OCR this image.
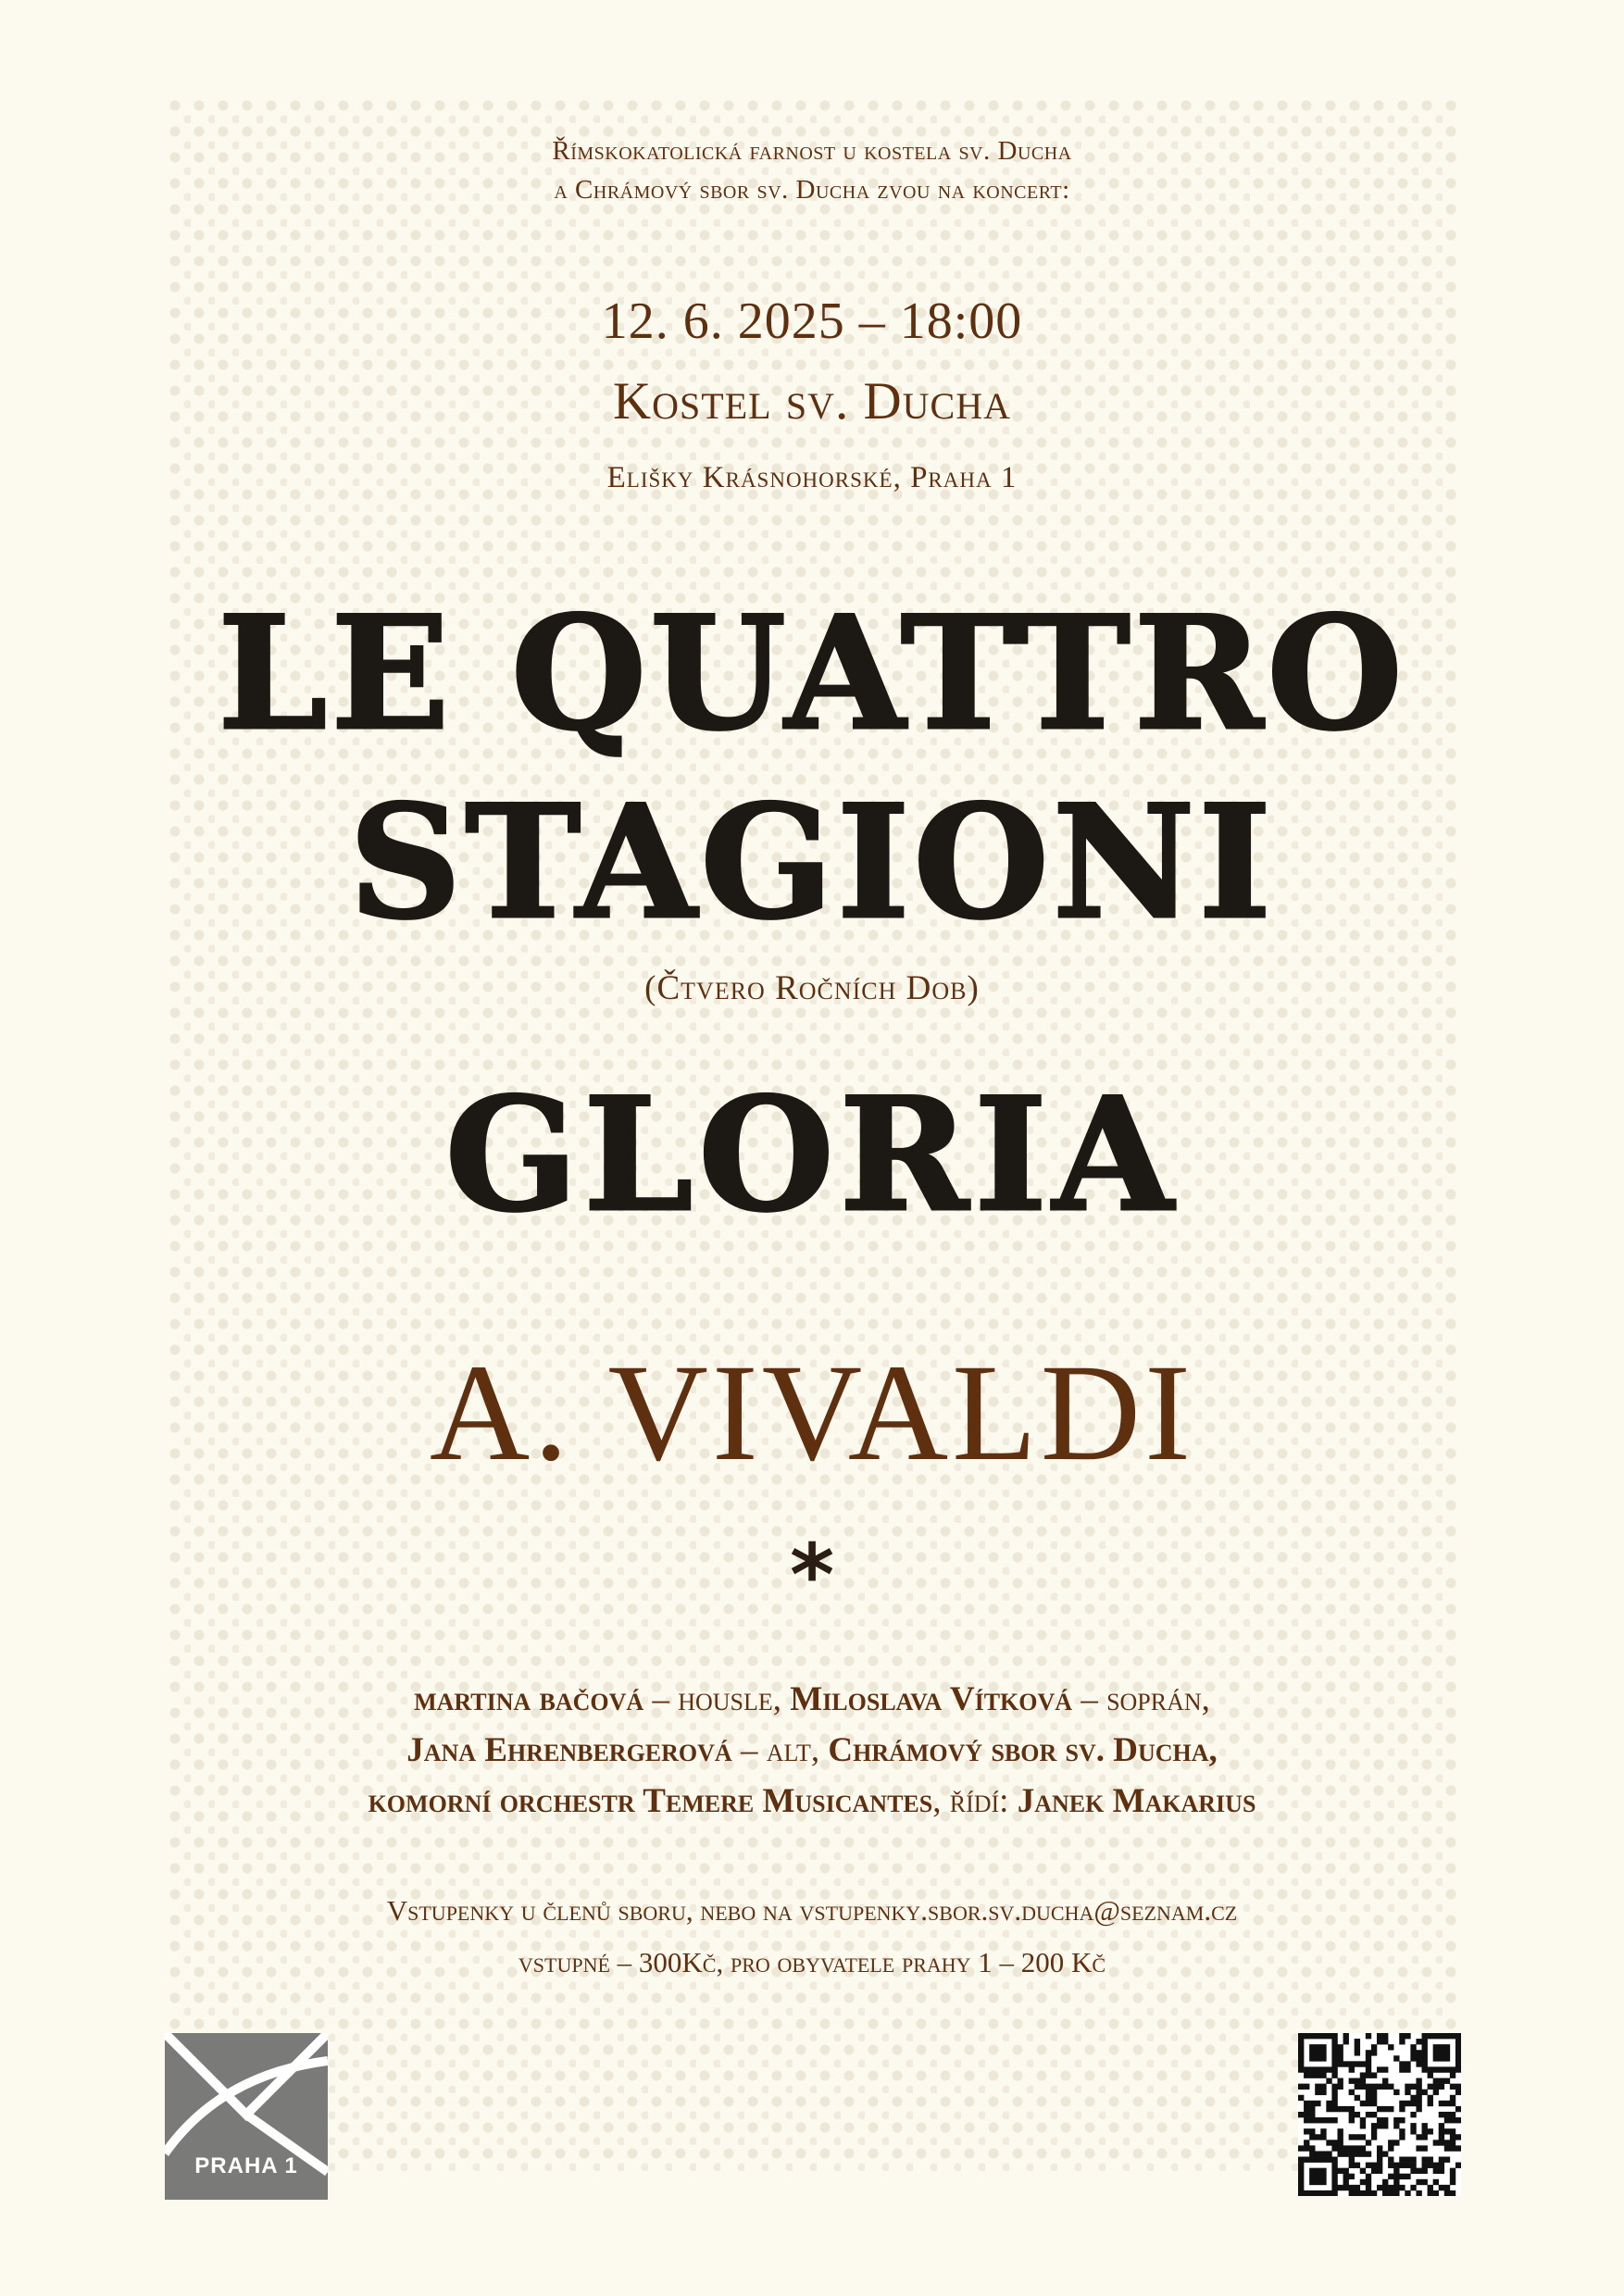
Římskokatolická farnost u kostela sv. Ducha
a Chrámový sbor sv. Ducha zvou na koncert:
12. 6. 2025 – 18:00
Kostel sv. Ducha
Elišky Krásnohorské, Praha 1
LE QUATTRO
STAGIONI
(Čtvero Ročních Dob)
GLORIA
A. VIVALDI
*
martina bačová – housle, Miloslava Vítková – soprán,
Jana Ehrenbergerová – alt, Chrámový sbor sv. Ducha,
komorní orchestr Temere Musicantes, řídí: Janek Makarius
Vstupenky u členů sboru, nebo na vstupenky.sbor.sv.ducha@seznam.cz
vstupné – 300Kč, pro obyvatele prahy 1 – 200 Kč
PRAHA 1
